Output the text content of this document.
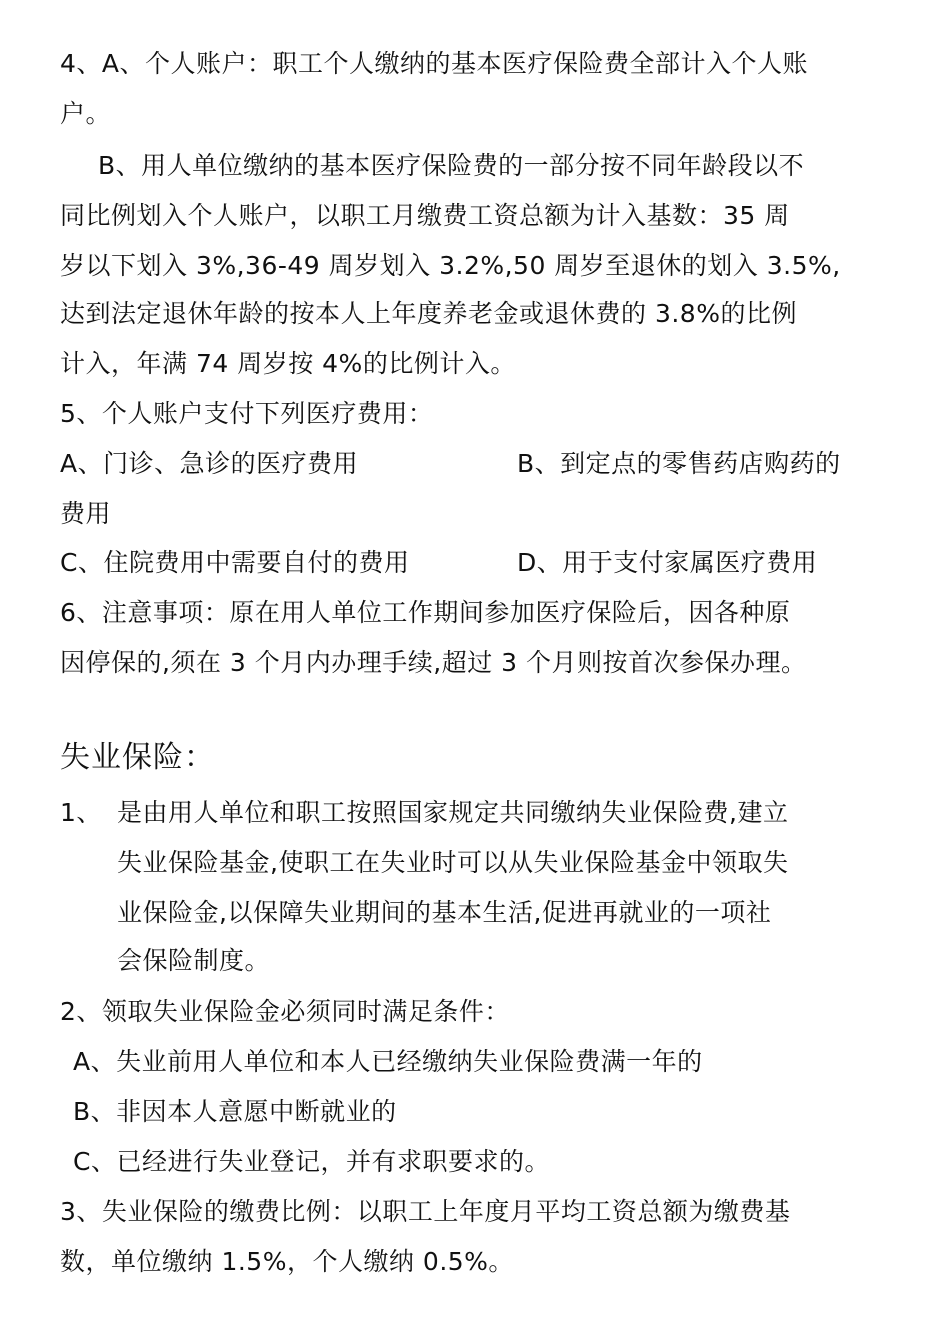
4、A、个人账户：职工个人缴纳的基本医疗保险费全部计入个人账
户。
B、用人单位缴纳的基本医疗保险费的一部分按不同年龄段以不
同比例划入个人账户，以职工月缴费工资总额为计入基数：35 周
岁以下划入 3%,36-49 周岁划入 3.2%,50 周岁至退休的划入 3.5%,
达到法定退休年龄的按本人上年度养老金或退休费的 3.8%的比例
计入，年满 74 周岁按 4%的比例计入。
5、个人账户支付下列医疗费用：
A、门诊、急诊的医疗费用	B、到定点的零售药店购药的
费用
C、住院费用中需要自付的费用	D、用于支付家属医疗费用
6、注意事项：原在用人单位工作期间参加医疗保险后，因各种原
因停保的,须在 3 个月内办理手续,超过 3 个月则按首次参保办理。
失业保险：
1、 是由用人单位和职工按照国家规定共同缴纳失业保险费,建立
失业保险基金,使职工在失业时可以从失业保险基金中领取失
业保险金,以保障失业期间的基本生活,促进再就业的一项社
会保险制度。
2、领取失业保险金必须同时满足条件：
A、失业前用人单位和本人已经缴纳失业保险费满一年的
B、非因本人意愿中断就业的
C、已经进行失业登记，并有求职要求的。
3、失业保险的缴费比例：以职工上年度月平均工资总额为缴费基
数，单位缴纳 1.5%，个人缴纳 0.5%。
